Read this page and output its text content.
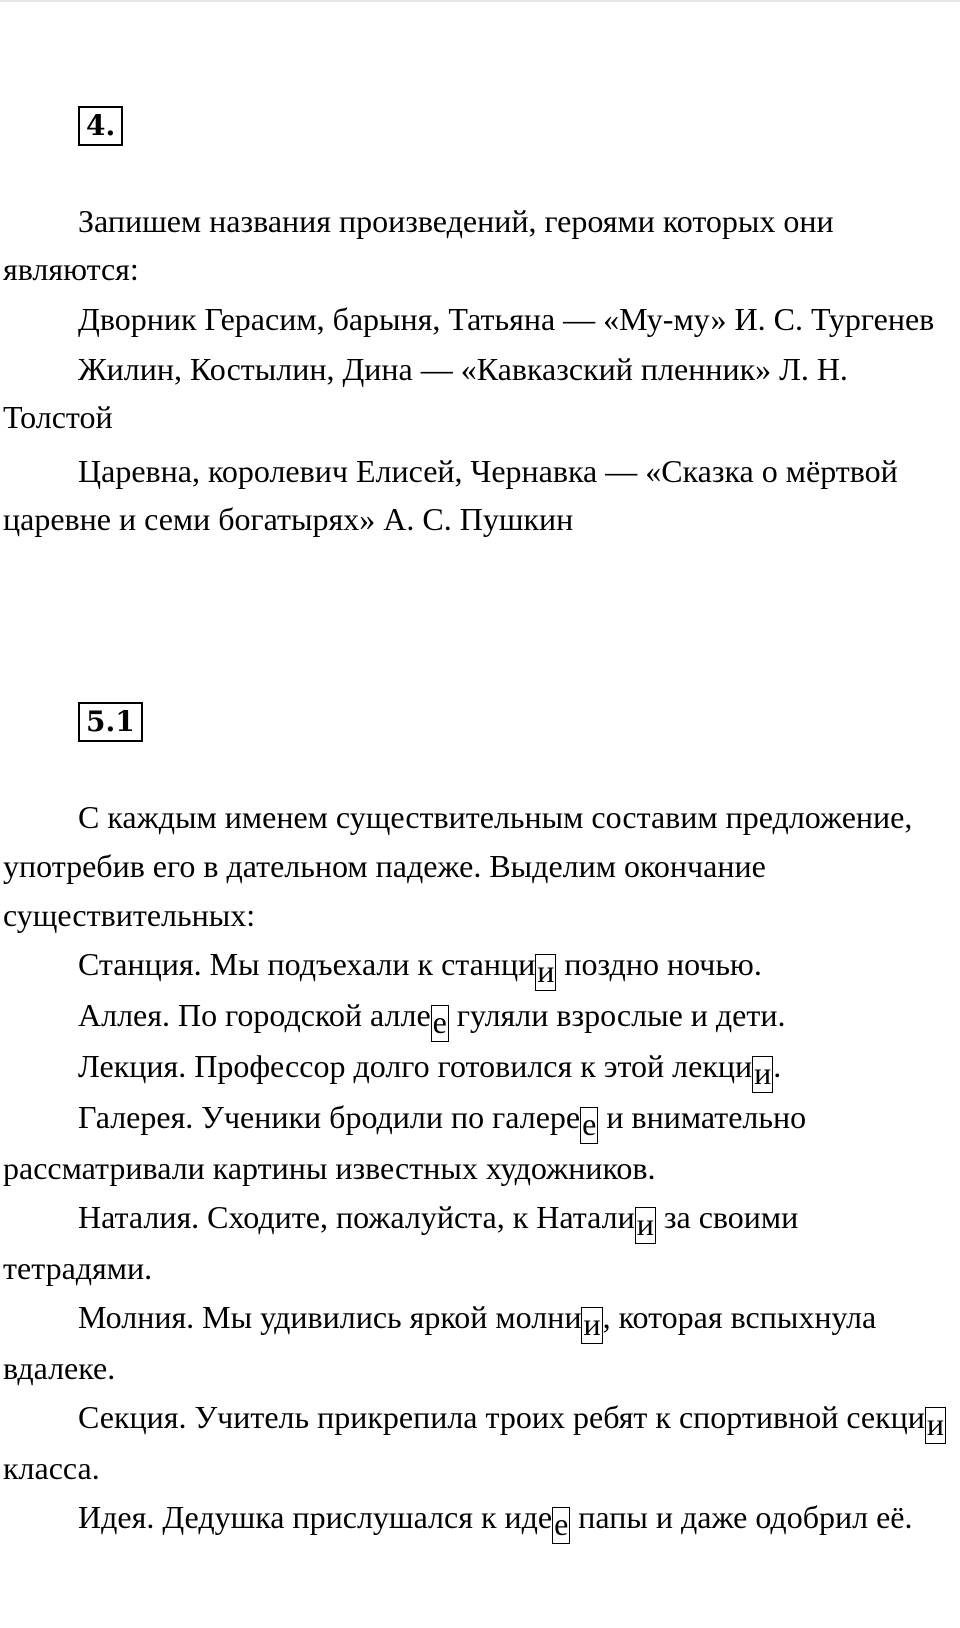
4.

Запишем названия произведений, героями которых они являются:

Дворник Герасим, барыня, Татьяна — «Му-му» И. С. Тургенев

Жилин, Костылин, Дина — «Кавказский пленник» Л. Н. Толстой

Царевна, королевич Елисей, Чернавка — «Сказка о мёртвой царевне и семи богатырях» А. С. Пушкин

5.1

С каждым именем существительным составим предложение, употребив его в дательном падеже. Выделим окончание существительных:

Станция. Мы подъехали к станции поздно ночью.

Аллея. По городской аллее гуляли взрослые и дети.

Лекция. Профессор долго готовился к этой лекции.

Галерея. Ученики бродили по галерее и внимательно рассматривали картины известных художников.

Наталия. Сходите, пожалуйста, к Наталии за своими тетрадями.

Молния. Мы удивились яркой молнии, которая вспыхнула вдалеке.

Секция. Учитель прикрепила троих ребят к спортивной секции класса.

Идея. Дедушка прислушался к идее папы и даже одобрил её.
